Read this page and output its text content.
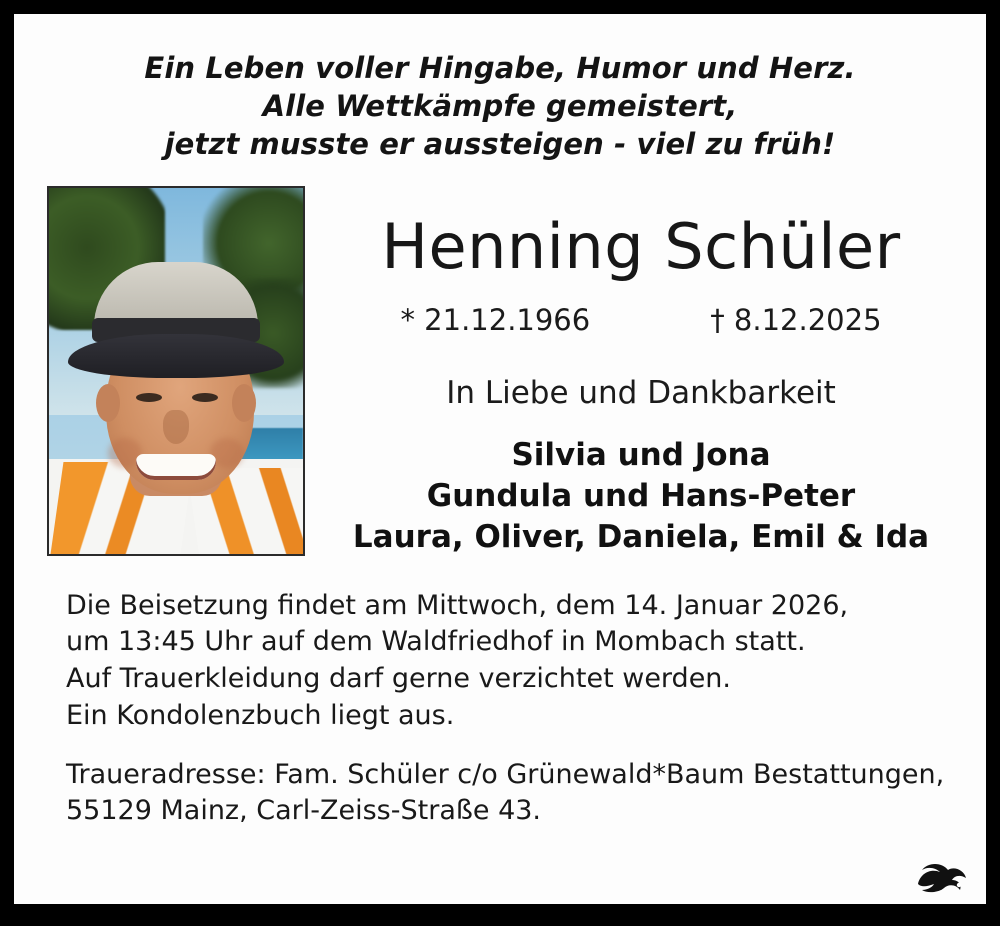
Ein Leben voller Hingabe, Humor und Herz.
Alle Wettkämpfe gemeistert,
jetzt musste er aussteigen - viel zu früh!
Henning Schüler
* 21.12.1966	† 8.12.2025
In Liebe und Dankbarkeit
Silvia und Jona
Gundula und Hans-Peter
Laura, Oliver, Daniela, Emil & Ida

Die Beisetzung findet am Mittwoch, dem 14. Januar 2026,
um 13:45 Uhr auf dem Waldfriedhof in Mombach statt.
Auf Trauerkleidung darf gerne verzichtet werden.
Ein Kondolenzbuch liegt aus.

Traueradresse: Fam. Schüler c/o Grünewald*Baum Bestattungen,
55129 Mainz, Carl-Zeiss-Straße 43.
